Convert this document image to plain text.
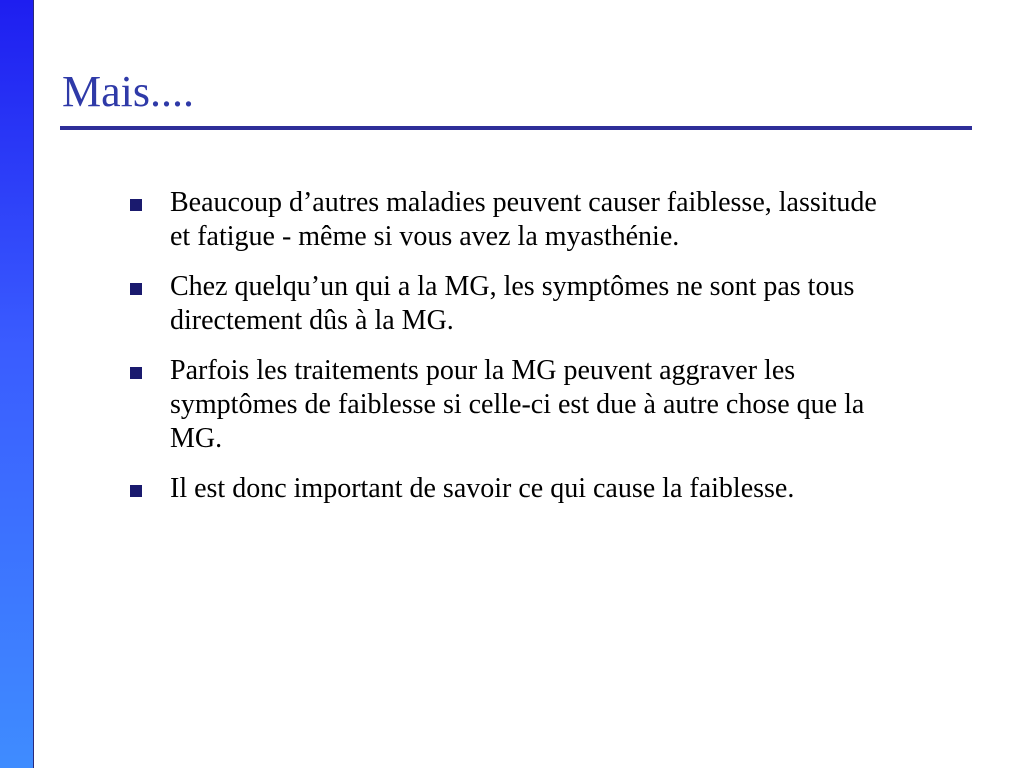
Mais....
Beaucoup d’autres maladies peuvent causer faiblesse, lassitude et fatigue - même si vous avez la myasthénie.
Chez quelqu’un qui a la MG, les symptômes ne sont pas tous directement dûs à la MG.
Parfois les traitements pour la MG peuvent aggraver les symptômes de faiblesse si celle-ci est due à autre chose que la MG.
Il est donc important de savoir ce qui cause la faiblesse.
